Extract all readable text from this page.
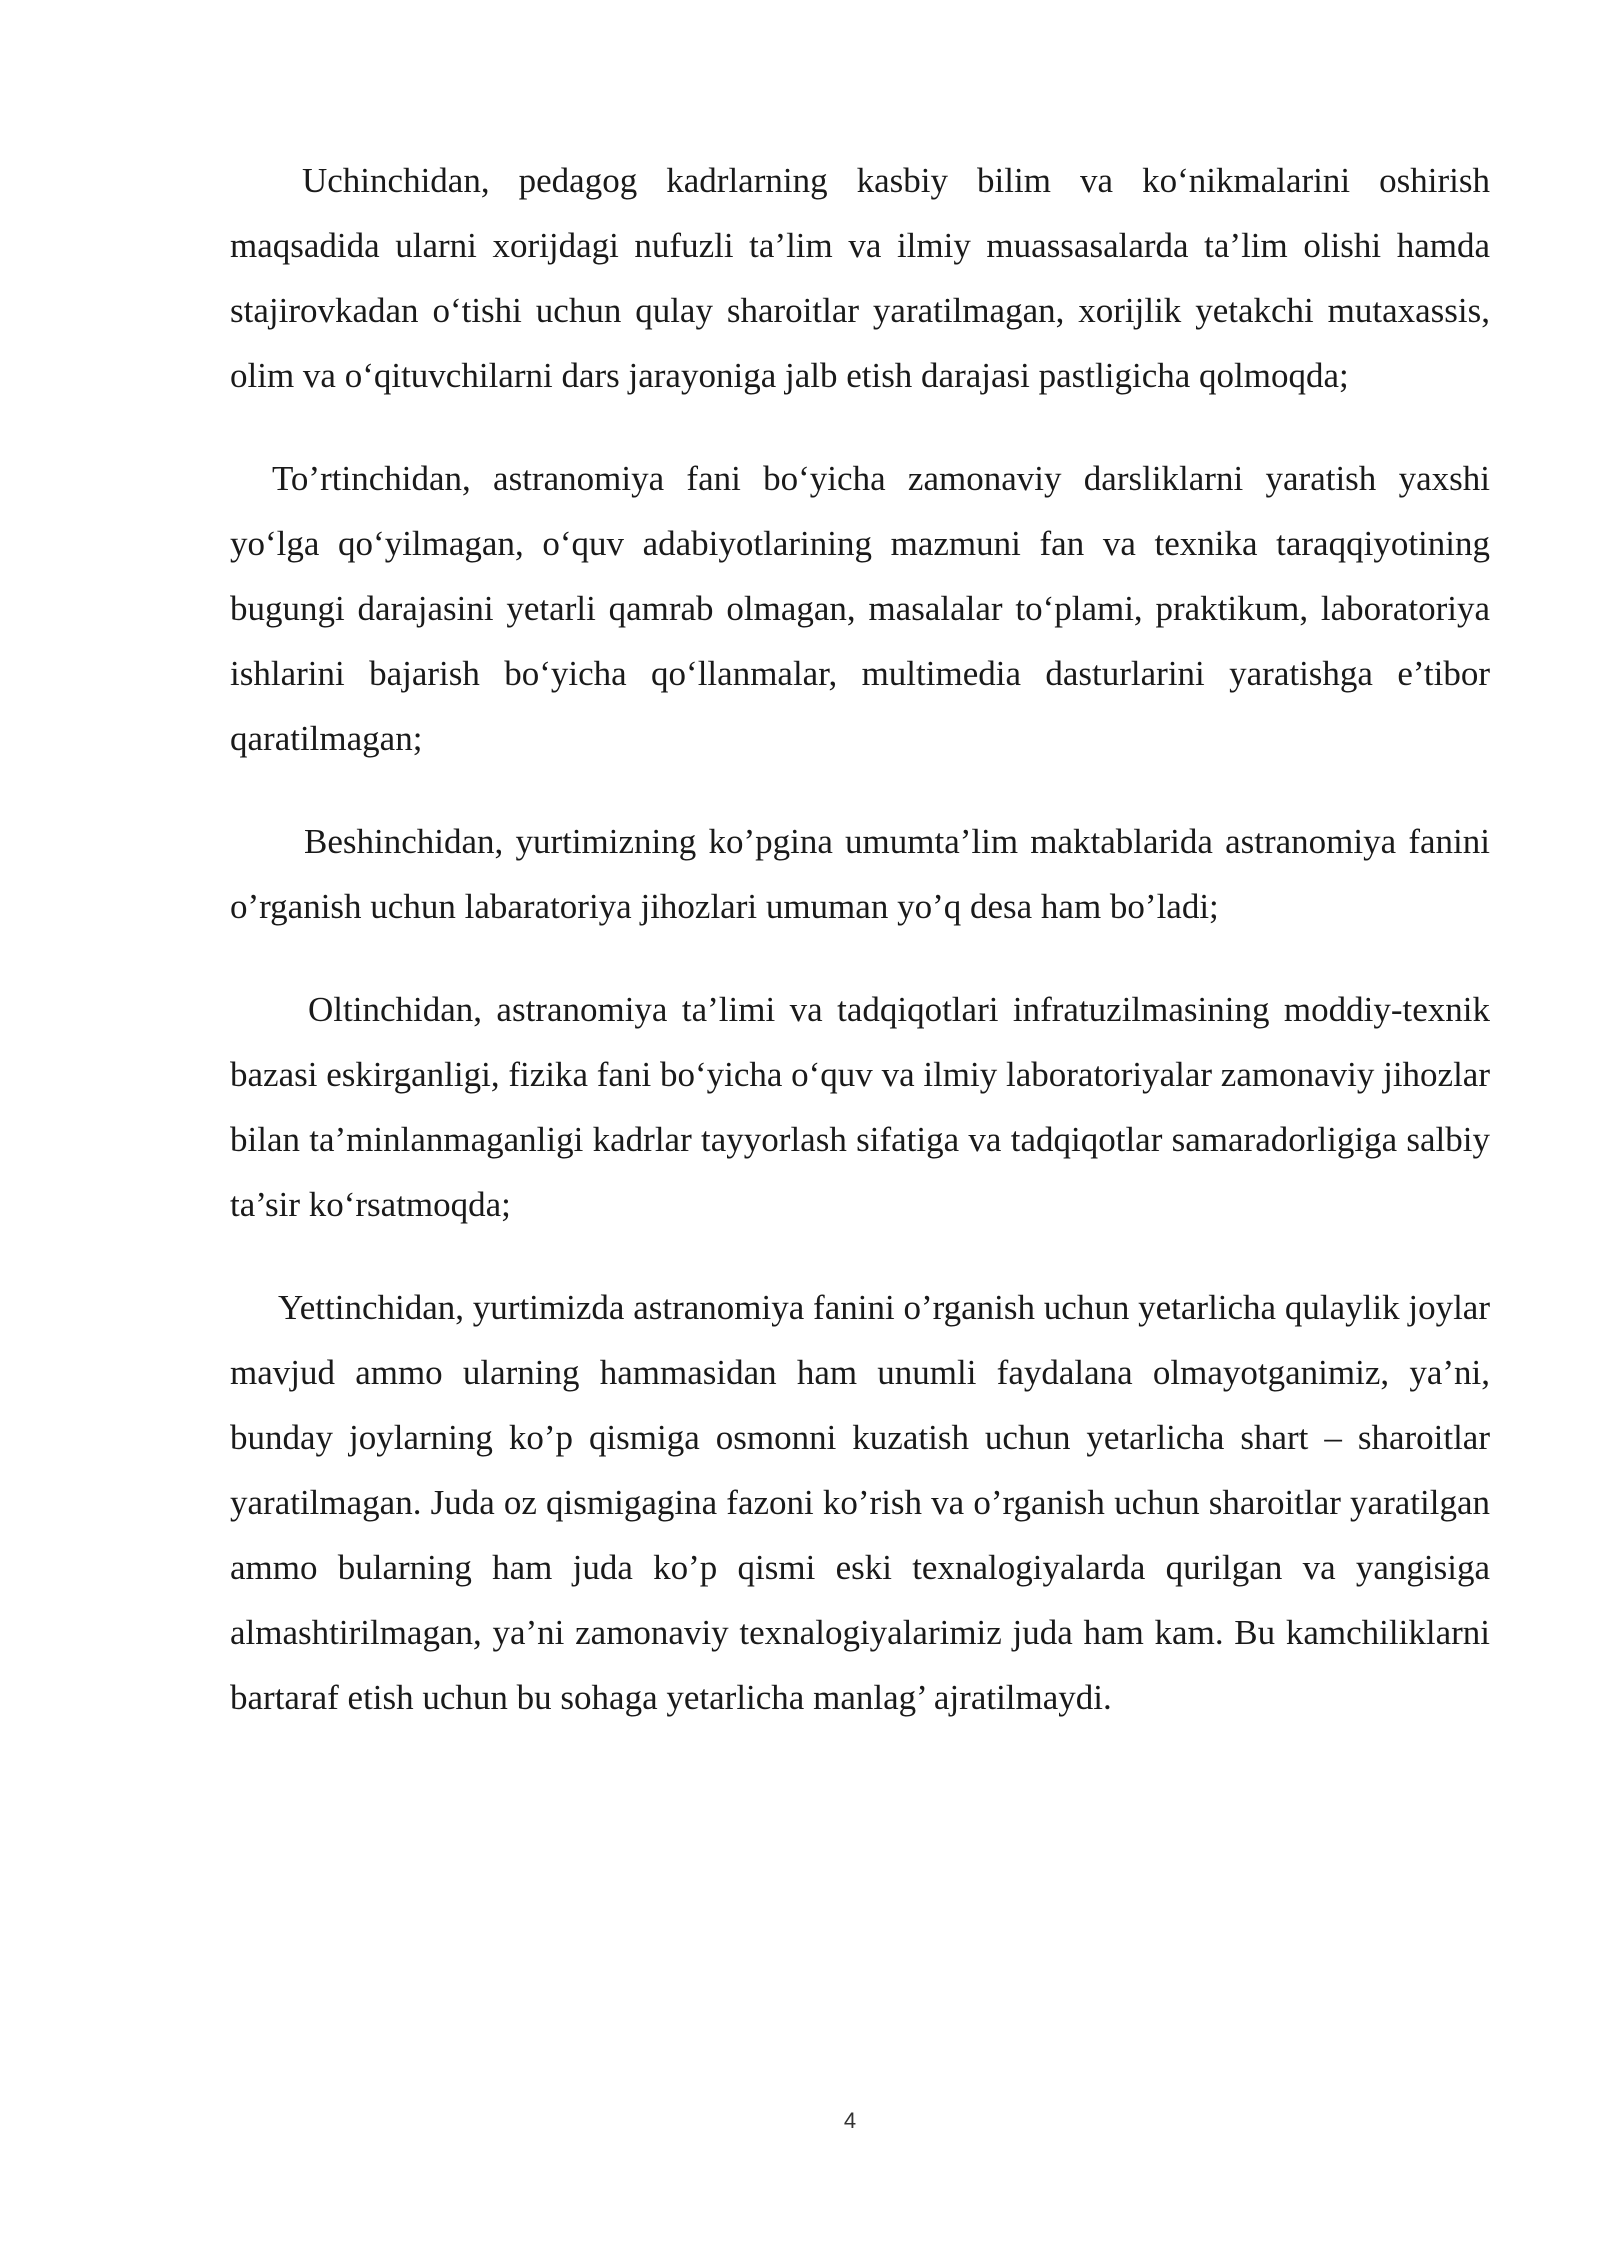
Uchinchidan, pedagog kadrlarning kasbiy bilim va ko‘nikmalarini oshirish maqsadida ularni xorijdagi nufuzli ta’lim va ilmiy muassasalarda ta’lim olishi hamda stajirovkadan o‘tishi uchun qulay sharoitlar yaratilmagan, xorijlik yetakchi mutaxassis, olim va o‘qituvchilarni dars jarayoniga jalb etish darajasi pastligicha qolmoqda;

To’rtinchidan, astranomiya fani bo‘yicha zamonaviy darsliklarni yaratish yaxshi yo‘lga qo‘yilmagan, o‘quv adabiyotlarining mazmuni fan va texnika taraqqiyotining bugungi darajasini yetarli qamrab olmagan, masalalar to‘plami, praktikum, laboratoriya ishlarini bajarish bo‘yicha qo‘llanmalar, multimedia dasturlarini yaratishga e’tibor qaratilmagan;

Beshinchidan, yurtimizning ko’pgina umumta’lim maktablarida astranomiya fanini o’rganish uchun labaratoriya jihozlari umuman yo’q desa ham bo’ladi;

Oltinchidan, astranomiya ta’limi va tadqiqotlari infratuzilmasining moddiy-texnik bazasi eskirganligi, fizika fani bo‘yicha o‘quv va ilmiy laboratoriyalar zamonaviy jihozlar bilan ta’minlanmaganligi kadrlar tayyorlash sifatiga va tadqiqotlar samaradorligiga salbiy ta’sir ko‘rsatmoqda;

Yettinchidan, yurtimizda astranomiya fanini o’rganish uchun yetarlicha qulaylik joylar mavjud ammo ularning hammasidan ham unumli faydalana olmayotganimiz, ya’ni, bunday joylarning ko’p qismiga osmonni kuzatish uchun yetarlicha shart – sharoitlar yaratilmagan. Juda oz qismigagina fazoni ko’rish va o’rganish uchun sharoitlar yaratilgan ammo bularning ham juda ko’p qismi eski texnalogiyalarda qurilgan va yangisiga almashtirilmagan, ya’ni zamonaviy texnalogiyalarimiz juda ham kam. Bu kamchiliklarni bartaraf etish uchun bu sohaga yetarlicha manlag’ ajratilmaydi.

4
